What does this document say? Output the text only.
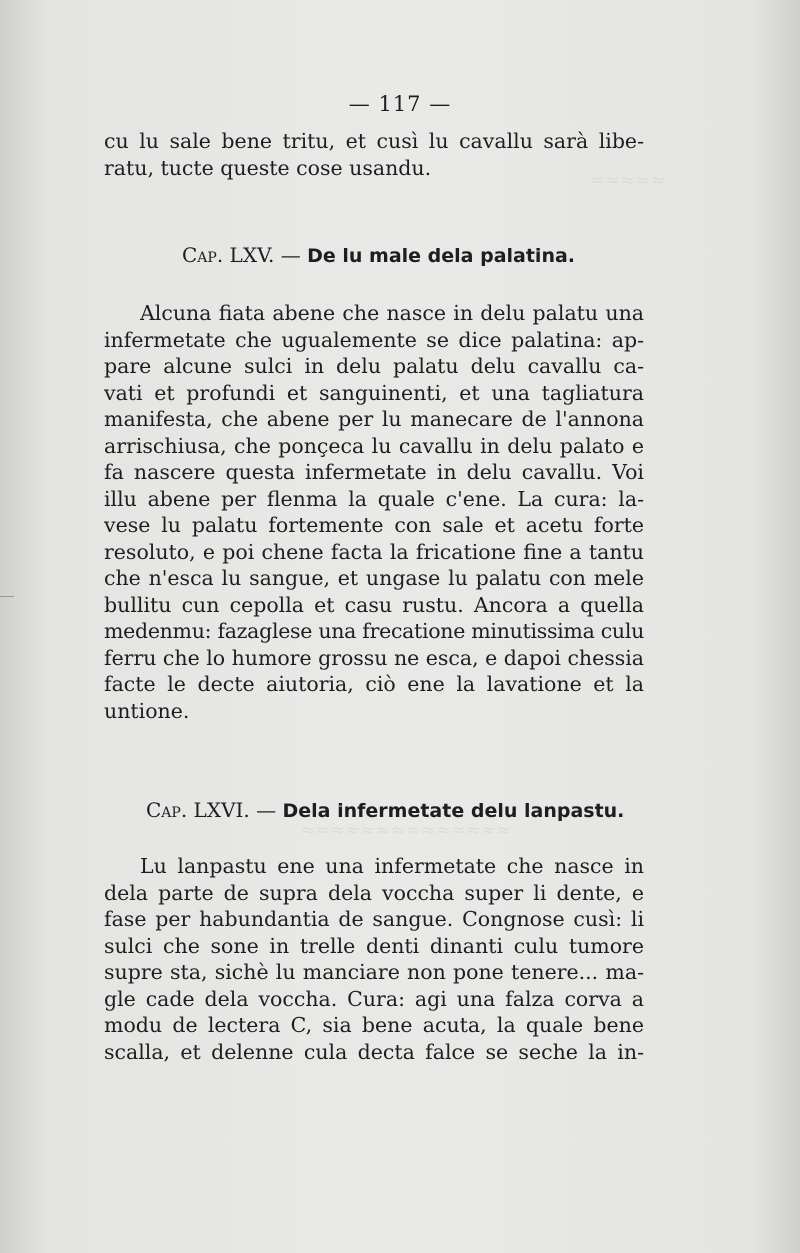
≈≈≈≈≈
≈≈≈≈≈≈≈≈≈≈≈≈≈≈
— 117 —
cu lu sale bene tritu, et cusì lu cavallu sarà libe-
ratu, tucte queste cose usandu.
Cap. LXV. — De lu male dela palatina.
Alcuna fiata abene che nasce in delu palatu una
infermetate che ugualemente se dice palatina: ap-
pare alcune sulci in delu palatu delu cavallu ca-
vati et profundi et sanguinenti, et una tagliatura
manifesta, che abene per lu manecare de l'annona
arrischiusa, che ponçeca lu cavallu in delu palato e
fa nascere questa infermetate in delu cavallu. Voi
illu abene per flenma la quale c'ene. La cura: la-
vese lu palatu fortemente con sale et acetu forte
resoluto, e poi chene facta la fricatione fine a tantu
che n'esca lu sangue, et ungase lu palatu con mele
bullitu cun cepolla et casu rustu. Ancora a quella
medenmu: fazaglese una frecatione minutissima culu
ferru che lo humore grossu ne esca, e dapoi chessia
facte le decte aiutoria, ciò ene la lavatione et la
untione.
Cap. LXVI. — Dela infermetate delu lanpastu.
Lu lanpastu ene una infermetate che nasce in
dela parte de supra dela voccha super li dente, e
fase per habundantia de sangue. Congnose cusì: li
sulci che sone in trelle denti dinanti culu tumore
supre sta, sichè lu manciare non pone tenere... ma-
gle cade dela voccha. Cura: agi una falza corva a
modu de lectera C, sia bene acuta, la quale bene
scalla, et delenne cula decta falce se seche la in-
